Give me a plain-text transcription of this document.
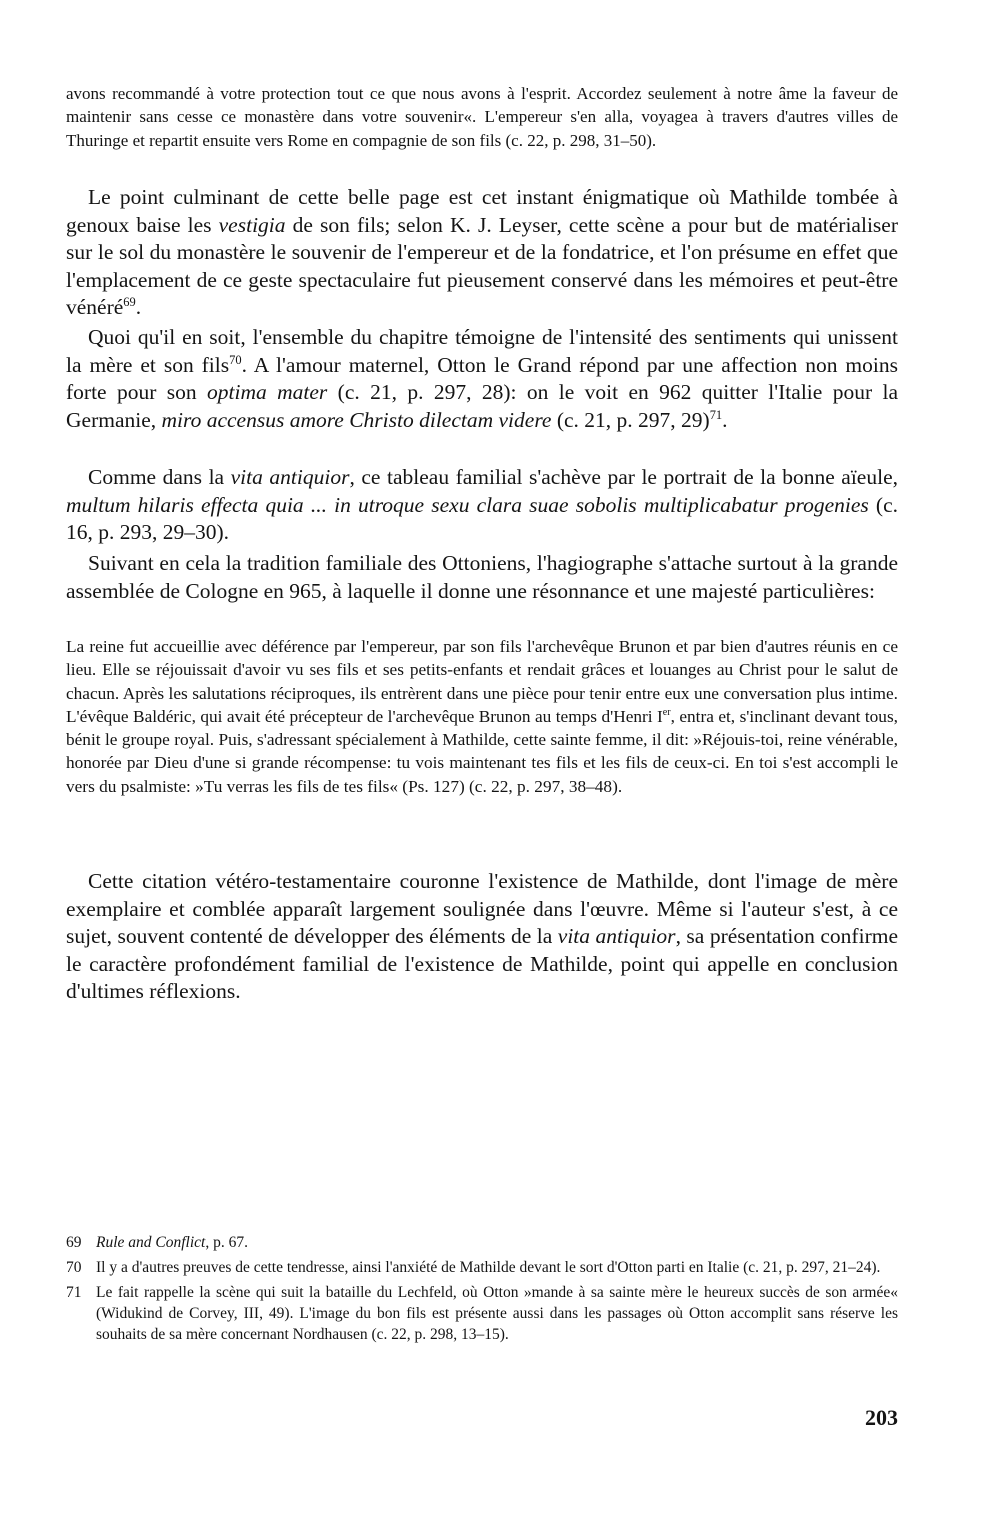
avons recommandé à votre protection tout ce que nous avons à l'esprit. Accordez seulement à notre âme la faveur de maintenir sans cesse ce monastère dans votre souvenir«. L'empereur s'en alla, voyagea à travers d'autres villes de Thuringe et repartit ensuite vers Rome en compagnie de son fils (c. 22, p. 298, 31–50).

Le point culminant de cette belle page est cet instant énigmatique où Mathilde tombée à genoux baise les vestigia de son fils; selon K. J. Leyser, cette scène a pour but de matérialiser sur le sol du monastère le souvenir de l'empereur et de la fondatrice, et l'on présume en effet que l'emplacement de ce geste spectaculaire fut pieusement conservé dans les mémoires et peut-être vénéré$^{69}$.

Quoi qu'il en soit, l'ensemble du chapitre témoigne de l'intensité des sentiments qui unissent la mère et son fils$^{70}$. A l'amour maternel, Otton le Grand répond par une affection non moins forte pour son optima mater (c. 21, p. 297, 28): on le voit en 962 quitter l'Italie pour la Germanie, miro accensus amore Christo dilectam videre (c. 21, p. 297, 29)$^{71}$.

Comme dans la vita antiquior, ce tableau familial s'achève par le portrait de la bonne aïeule, multum hilaris effecta quia ... in utroque sexu clara suae sobolis multiplicabatur progenies (c. 16, p. 293, 29–30).

Suivant en cela la tradition familiale des Ottoniens, l'hagiographe s'attache surtout à la grande assemblée de Cologne en 965, à laquelle il donne une résonnance et une majesté particulières:

La reine fut accueillie avec déférence par l'empereur, par son fils l'archevêque Brunon et par bien d'autres réunis en ce lieu. Elle se réjouissait d'avoir vu ses fils et ses petits-enfants et rendait grâces et louanges au Christ pour le salut de chacun. Après les salutations réciproques, ils entrèrent dans une pièce pour tenir entre eux une conversation plus intime. L'évêque Baldéric, qui avait été précepteur de l'archevêque Brunon au temps d'Henri Ier, entra et, s'inclinant devant tous, bénit le groupe royal. Puis, s'adressant spécialement à Mathilde, cette sainte femme, il dit: »Réjouis-toi, reine vénérable, honorée par Dieu d'une si grande récompense: tu vois maintenant tes fils et les fils de ceux-ci. En toi s'est accompli le vers du psalmiste: »Tu verras les fils de tes fils« (Ps. 127) (c. 22, p. 297, 38–48).

Cette citation vétéro-testamentaire couronne l'existence de Mathilde, dont l'image de mère exemplaire et comblée apparaît largement soulignée dans l'œuvre. Même si l'auteur s'est, à ce sujet, souvent contenté de développer des éléments de la vita antiquior, sa présentation confirme le caractère profondément familial de l'existence de Mathilde, point qui appelle en conclusion d'ultimes réflexions.

69 Rule and Conflict, p. 67.
70 Il y a d'autres preuves de cette tendresse, ainsi l'anxiété de Mathilde devant le sort d'Otton parti en Italie (c. 21, p. 297, 21–24).
71 Le fait rappelle la scène qui suit la bataille du Lechfeld, où Otton »mande à sa sainte mère le heureux succès de son armée« (Widukind de Corvey, III, 49). L'image du bon fils est présente aussi dans les passages où Otton accomplit sans réserve les souhaits de sa mère concernant Nordhausen (c. 22, p. 298, 13–15).
203
